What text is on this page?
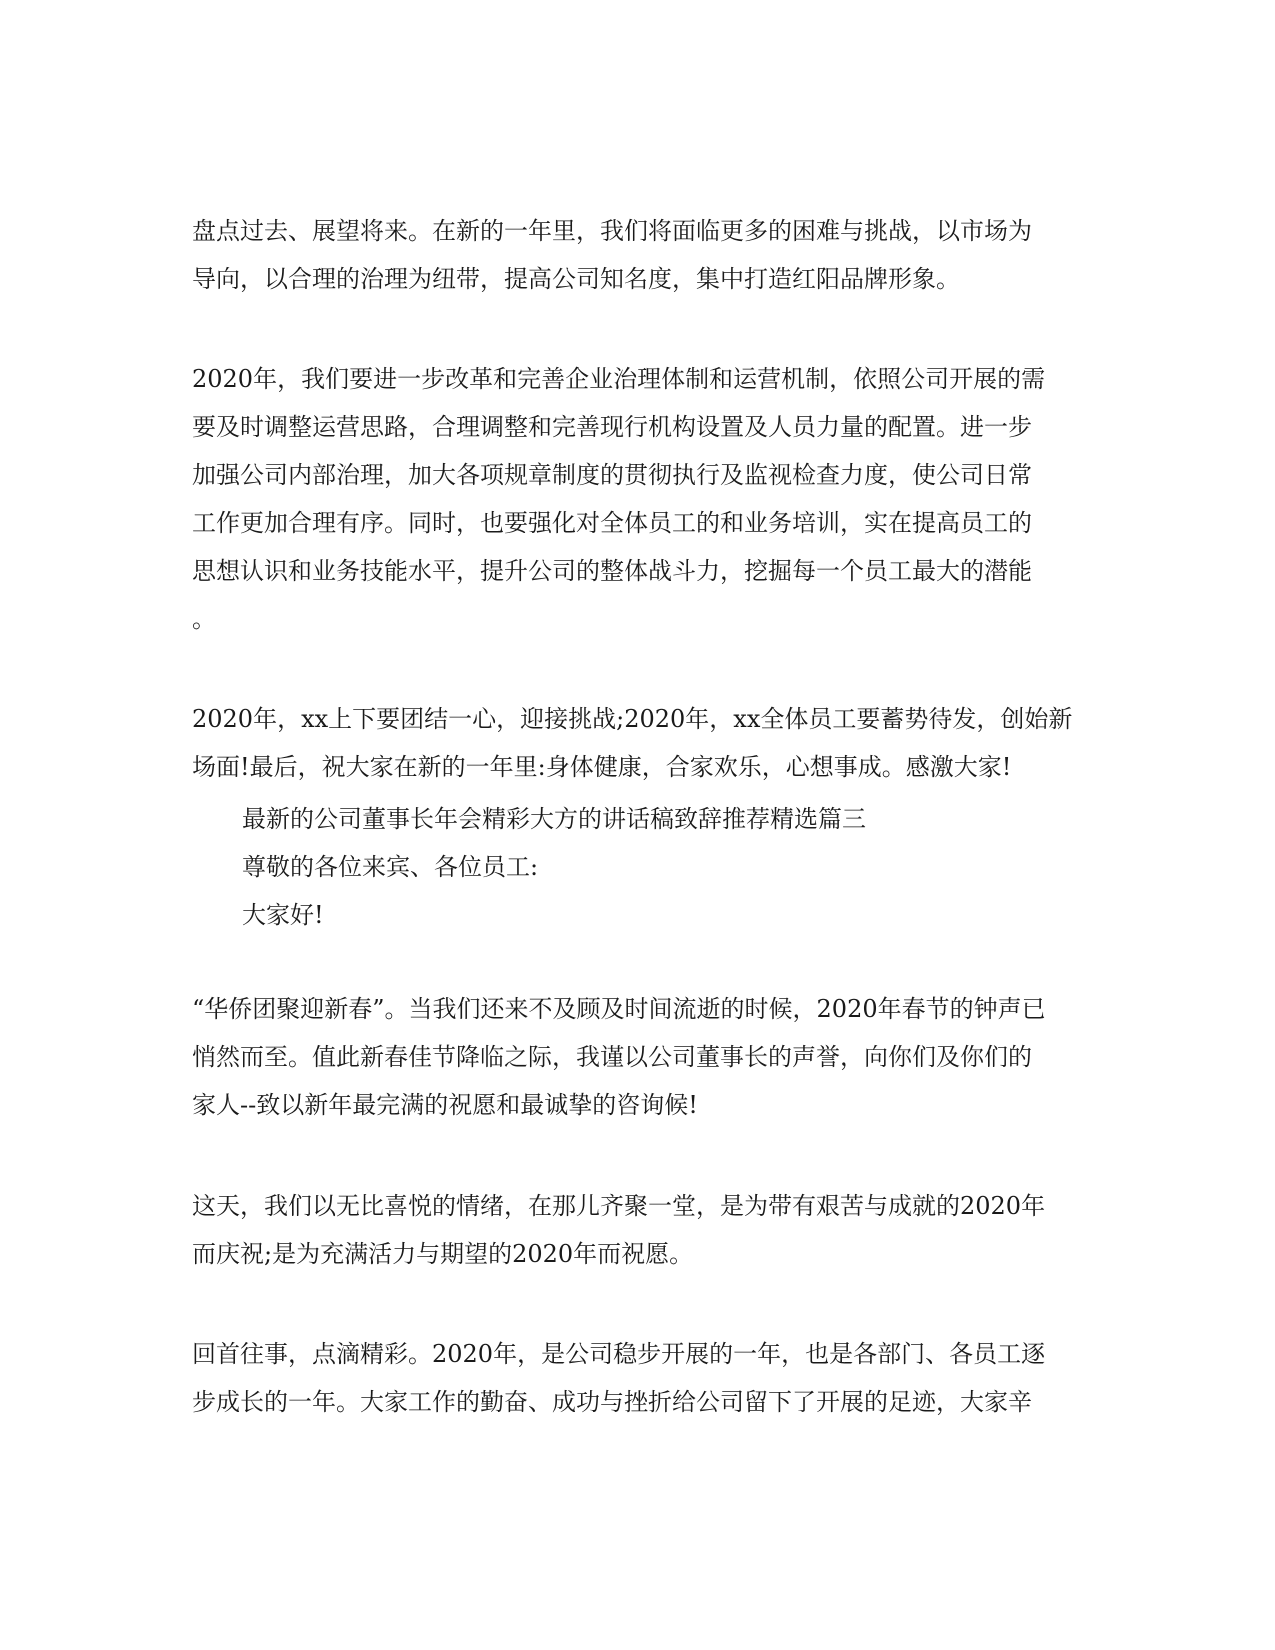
盘点过去、展望将来。在新的一年里，我们将面临更多的困难与挑战，以市场为
导向，以合理的治理为纽带，提高公司知名度，集中打造红阳品牌形象。
2020年，我们要进一步改革和完善企业治理体制和运营机制，依照公司开展的需
要及时调整运营思路，合理调整和完善现行机构设置及人员力量的配置。进一步
加强公司内部治理，加大各项规章制度的贯彻执行及监视检查力度，使公司日常
工作更加合理有序。同时，也要强化对全体员工的和业务培训，实在提高员工的
思想认识和业务技能水平，提升公司的整体战斗力，挖掘每一个员工最大的潜能
。
2020年，xx上下要团结一心，迎接挑战;2020年，xx全体员工要蓄势待发，创始新
场面!最后，祝大家在新的一年里:身体健康，合家欢乐，心想事成。感激大家!
最新的公司董事长年会精彩大方的讲话稿致辞推荐精选篇三
尊敬的各位来宾、各位员工:
大家好!
“华侨团聚迎新春”。当我们还来不及顾及时间流逝的时候，2020年春节的钟声已
悄然而至。值此新春佳节降临之际，我谨以公司董事长的声誉，向你们及你们的
家人--致以新年最完满的祝愿和最诚挚的咨询候!
这天，我们以无比喜悦的情绪，在那儿齐聚一堂，是为带有艰苦与成就的2020年
而庆祝;是为充满活力与期望的2020年而祝愿。
回首往事，点滴精彩。2020年，是公司稳步开展的一年，也是各部门、各员工逐
步成长的一年。大家工作的勤奋、成功与挫折给公司留下了开展的足迹，大家辛
